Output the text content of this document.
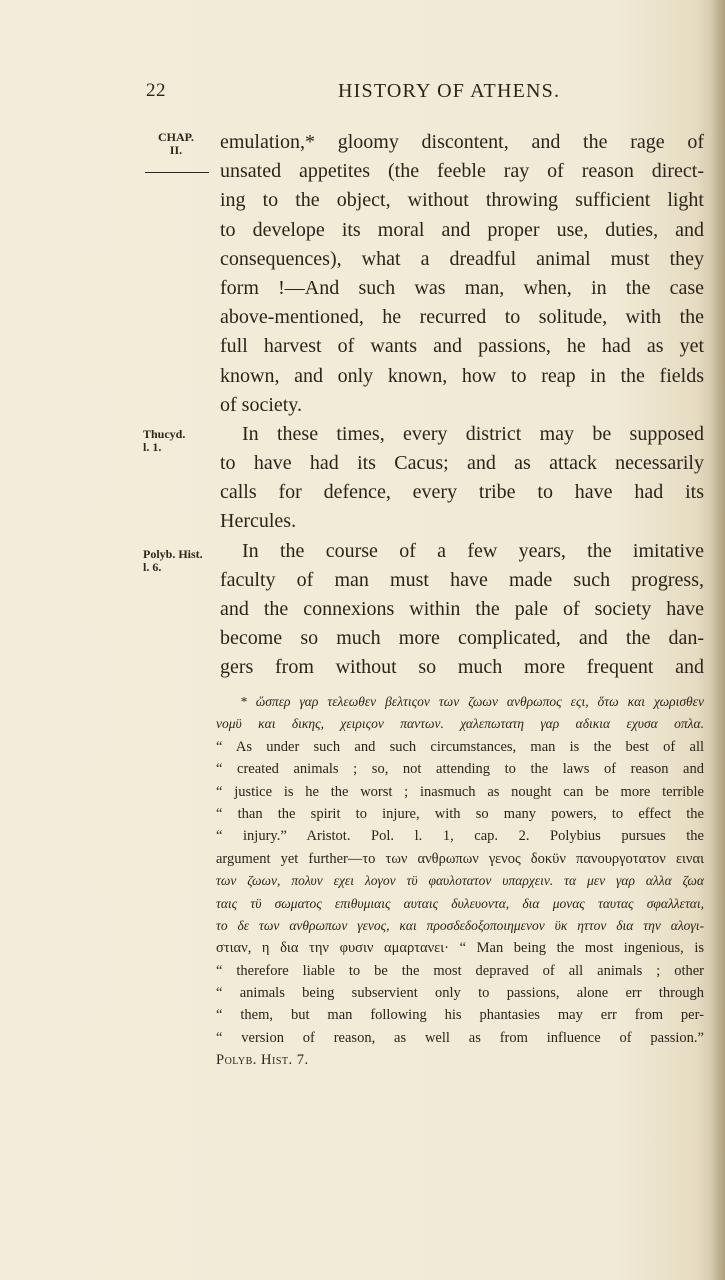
22	HISTORY OF ATHENS.
CHAP.
II.
Thucyd.
l. 1.
Polyb. Hist.
l. 6.
emulation,* gloomy discontent, and the rage of
unsated appetites (the feeble ray of reason direct-
ing to the object, without throwing sufficient light
to develope its moral and proper use, duties, and
consequences), what a dreadful animal must they
form !—And such was man, when, in the case
above-mentioned, he recurred to solitude, with the
full harvest of wants and passions, he had as yet
known, and only known, how to reap in the fields
of society.
In these times, every district may be supposed
to have had its Cacus; and as attack necessarily
calls for defence, every tribe to have had its
Hercules.
In the course of a few years, the imitative
faculty of man must have made such progress,
and the connexions within the pale of society have
become so much more complicated, and the dan-
gers from without so much more frequent and
* ὥσπερ γαρ τελεωθεν βελτιςον των ζωων ανθρωπος εςι, ὅτω και χωρισθεν
νομϋ και δικης, χειριςον παντων. χαλεπωτατη γαρ αδικια εχυσα οπλα.
“ As under such and such circumstances, man is the best of all
“ created animals ; so, not attending to the laws of reason and
“ justice is he the worst ; inasmuch as nought can be more terrible
“ than the spirit to injure, with so many powers, to effect the
“ injury.” Aristot. Pol. l. 1, cap. 2. Polybius pursues the
argument yet further—το των ανθρωπων γενος δοκϋν πανουργοτατον ειναι
των ζωων, πολυν εχει λογον τϋ φαυλοτατον υπαρχειν. τα μεν γαρ αλλα ζωα
ταις τϋ σωματος επιθυμιαις αυταις δυλευοντα, δια μονας ταυτας σφαλλεται,
το δε των ανθρωπων γενος, και προσδεδοξοποιημενον ϋκ ηττον δια την αλογι-
στιαν, η δια την φυσιν αμαρτανει· “ Man being the most ingenious, is
“ therefore liable to be the most depraved of all animals ; other
“ animals being subservient only to passions, alone err through
“ them, but man following his phantasies may err from per-
“ version of reason, as well as from influence of passion.”
Polyb. Hist. 7.
